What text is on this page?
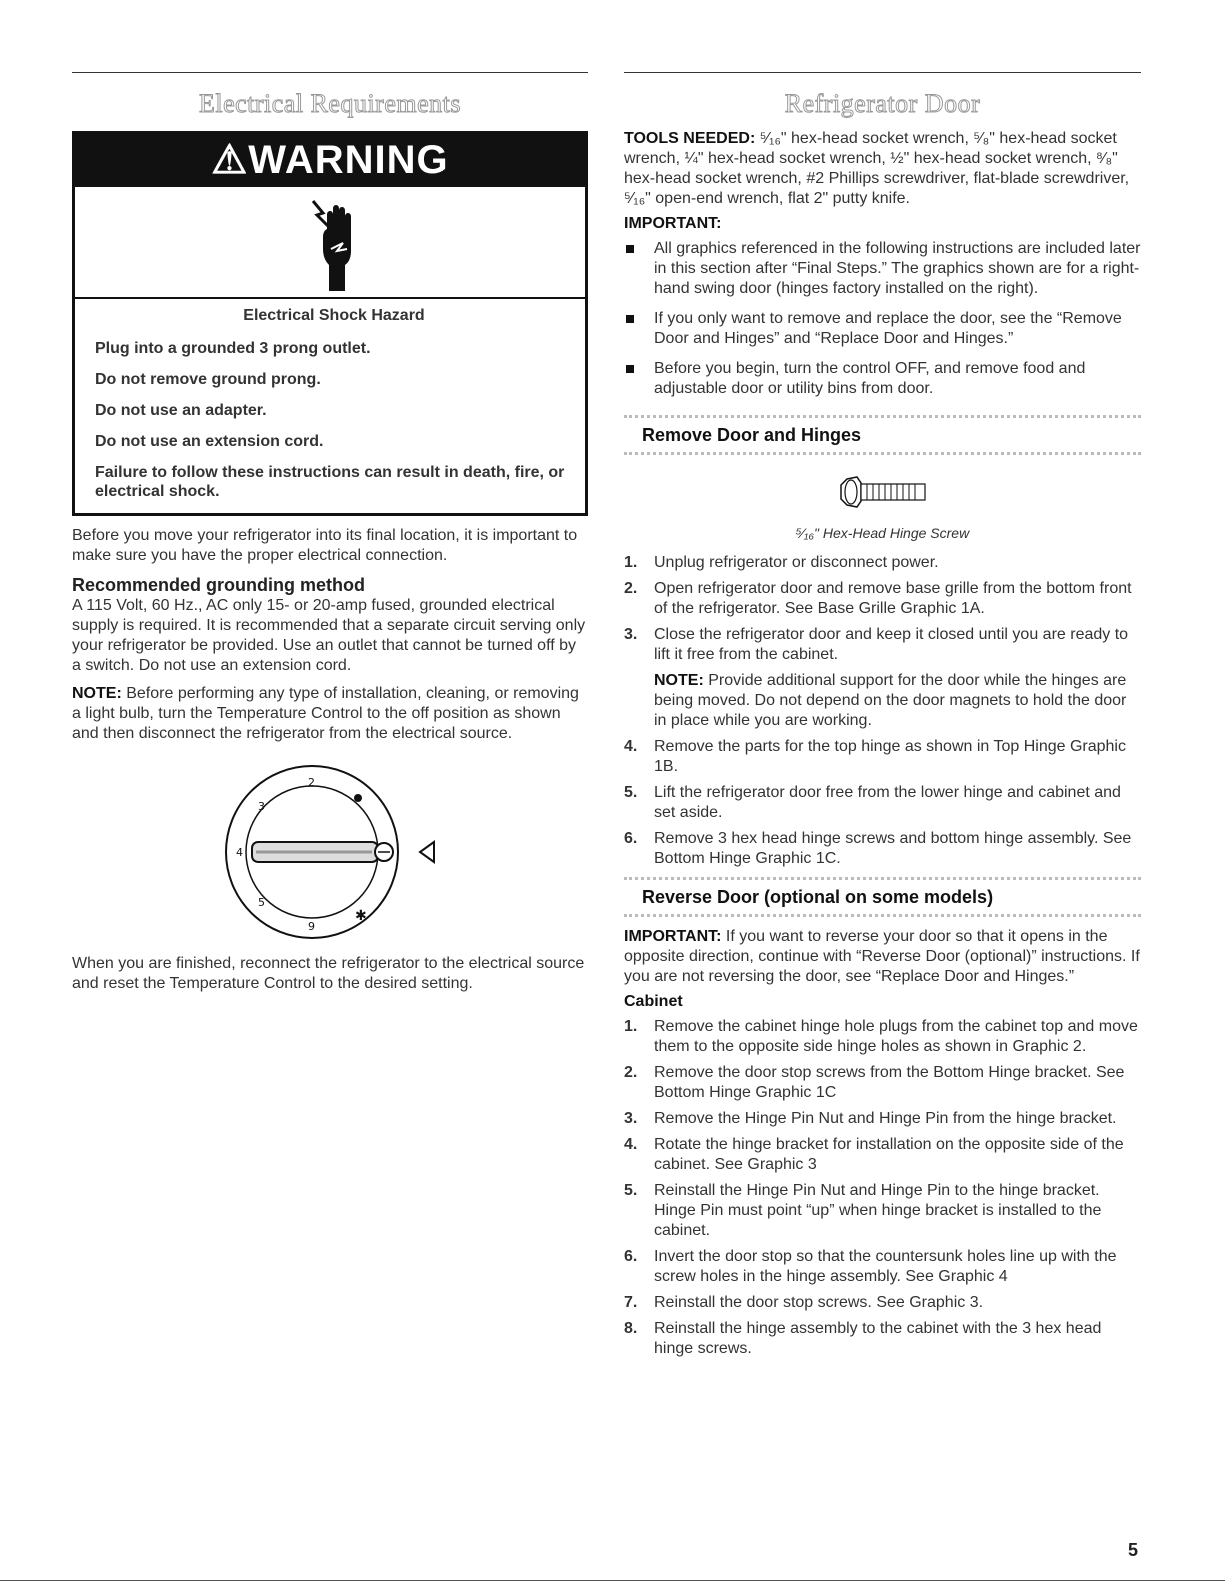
Electrical Requirements
⚠WARNING
Electrical Shock Hazard
Plug into a grounded 3 prong outlet.
Do not remove ground prong.
Do not use an adapter.
Do not use an extension cord.
Failure to follow these instructions can result in death, fire, or electrical shock.

Before you move your refrigerator into its final location, it is important to make sure you have the proper electrical connection.

Recommended grounding method

A 115 Volt, 60 Hz., AC only 15- or 20-amp fused, grounded electrical supply is required. It is recommended that a separate circuit serving only your refrigerator be provided. Use an outlet that cannot be turned off by a switch. Do not use an extension cord.

NOTE: Before performing any type of installation, cleaning, or removing a light bulb, turn the Temperature Control to the off position as shown and then disconnect the refrigerator from the electrical source.

✱
2
3
4
5
9

When you are finished, reconnect the refrigerator to the electrical source and reset the Temperature Control to the desired setting.

Refrigerator Door

TOOLS NEEDED: ⁵⁄₁₆" hex-head socket wrench, ⁵⁄₈" hex-head socket wrench, ¼" hex-head socket wrench, ½" hex-head socket wrench, ⁸⁄₈" hex-head socket wrench, #2 Phillips screwdriver, flat-blade screwdriver, ⁵⁄₁₆" open-end wrench, flat 2" putty knife.

IMPORTANT:
All graphics referenced in the following instructions are included later in this section after “Final Steps.” The graphics shown are for a right-hand swing door (hinges factory installed on the right).
If you only want to remove and replace the door, see the “Remove Door and Hinges” and “Replace Door and Hinges.”
Before you begin, turn the control OFF, and remove food and adjustable door or utility bins from door.
Remove Door and Hinges
⁵⁄₁₆" Hex-Head Hinge Screw
1. Unplug refrigerator or disconnect power.
2. Open refrigerator door and remove base grille from the bottom front of the refrigerator. See Base Grille Graphic 1A.
3. Close the refrigerator door and keep it closed until you are ready to lift it free from the cabinet.
NOTE: Provide additional support for the door while the hinges are being moved. Do not depend on the door magnets to hold the door in place while you are working.
4. Remove the parts for the top hinge as shown in Top Hinge Graphic 1B.
5. Lift the refrigerator door free from the lower hinge and cabinet and set aside.
6. Remove 3 hex head hinge screws and bottom hinge assembly. See Bottom Hinge Graphic 1C.
Reverse Door (optional on some models)

IMPORTANT: If you want to reverse your door so that it opens in the opposite direction, continue with “Reverse Door (optional)” instructions. If you are not reversing the door, see “Replace Door and Hinges.”

Cabinet
1. Remove the cabinet hinge hole plugs from the cabinet top and move them to the opposite side hinge holes as shown in Graphic 2.
2. Remove the door stop screws from the Bottom Hinge bracket. See Bottom Hinge Graphic 1C
3. Remove the Hinge Pin Nut and Hinge Pin from the hinge bracket.
4. Rotate the hinge bracket for installation on the opposite side of the cabinet. See Graphic 3
5. Reinstall the Hinge Pin Nut and Hinge Pin to the hinge bracket. Hinge Pin must point “up” when hinge bracket is installed to the cabinet.
6. Invert the door stop so that the countersunk holes line up with the screw holes in the hinge assembly. See Graphic 4
7. Reinstall the door stop screws. See Graphic 3.
8. Reinstall the hinge assembly to the cabinet with the 3 hex head hinge screws.
5
